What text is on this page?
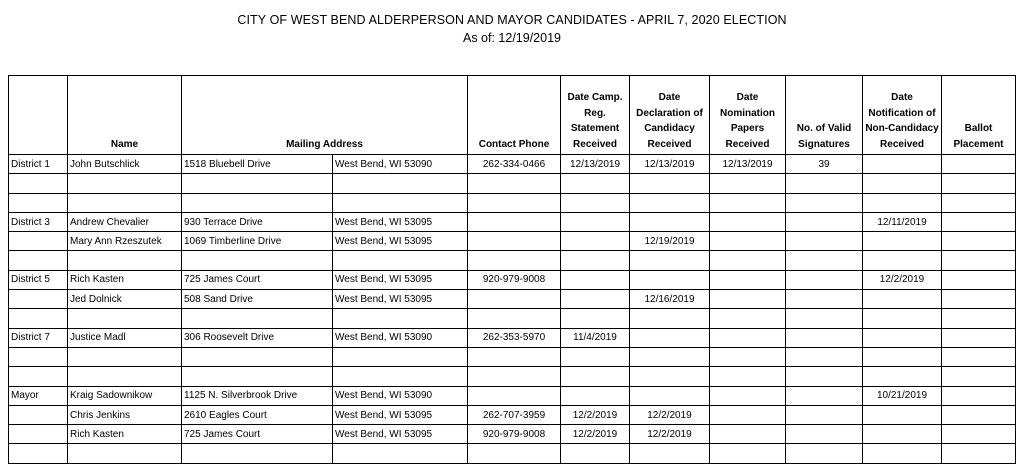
CITY OF WEST BEND ALDERPERSON AND MAYOR CANDIDATES - APRIL 7, 2020 ELECTION
As of: 12/19/2019
	Name	Mailing Address		Contact Phone	Date Camp. Reg. Statement Received	Date Declaration of Candidacy Received	Date Nomination Papers Received	No. of Valid Signatures	Date Notification of Non-Candidacy Received	Ballot Placement
District 1	John Butschlick	1518 Bluebell Drive	West Bend, WI 53090	262-334-0466	12/13/2019	12/13/2019	12/13/2019	39		

District 3	Andrew Chevalier	930 Terrace Drive	West Bend, WI 53095						12/11/2019	
	Mary Ann Rzeszutek	1069 Timberline Drive	West Bend, WI 53095			12/19/2019				

District 5	Rich Kasten	725 James Court	West Bend, WI 53095	920-979-9008					12/2/2019	
	Jed Dolnick	508 Sand Drive	West Bend, WI 53095			12/16/2019				

District 7	Justice Madl	306 Roosevelt Drive	West Bend, WI 53090	262-353-5970	11/4/2019					

Mayor	Kraig Sadownikow	1125 N. Silverbrook Drive	West Bend, WI 53090						10/21/2019	
	Chris Jenkins	2610 Eagles Court	West Bend, WI 53095	262-707-3959	12/2/2019	12/2/2019				
	Rich Kasten	725 James Court	West Bend, WI 53095	920-979-9008	12/2/2019	12/2/2019				
